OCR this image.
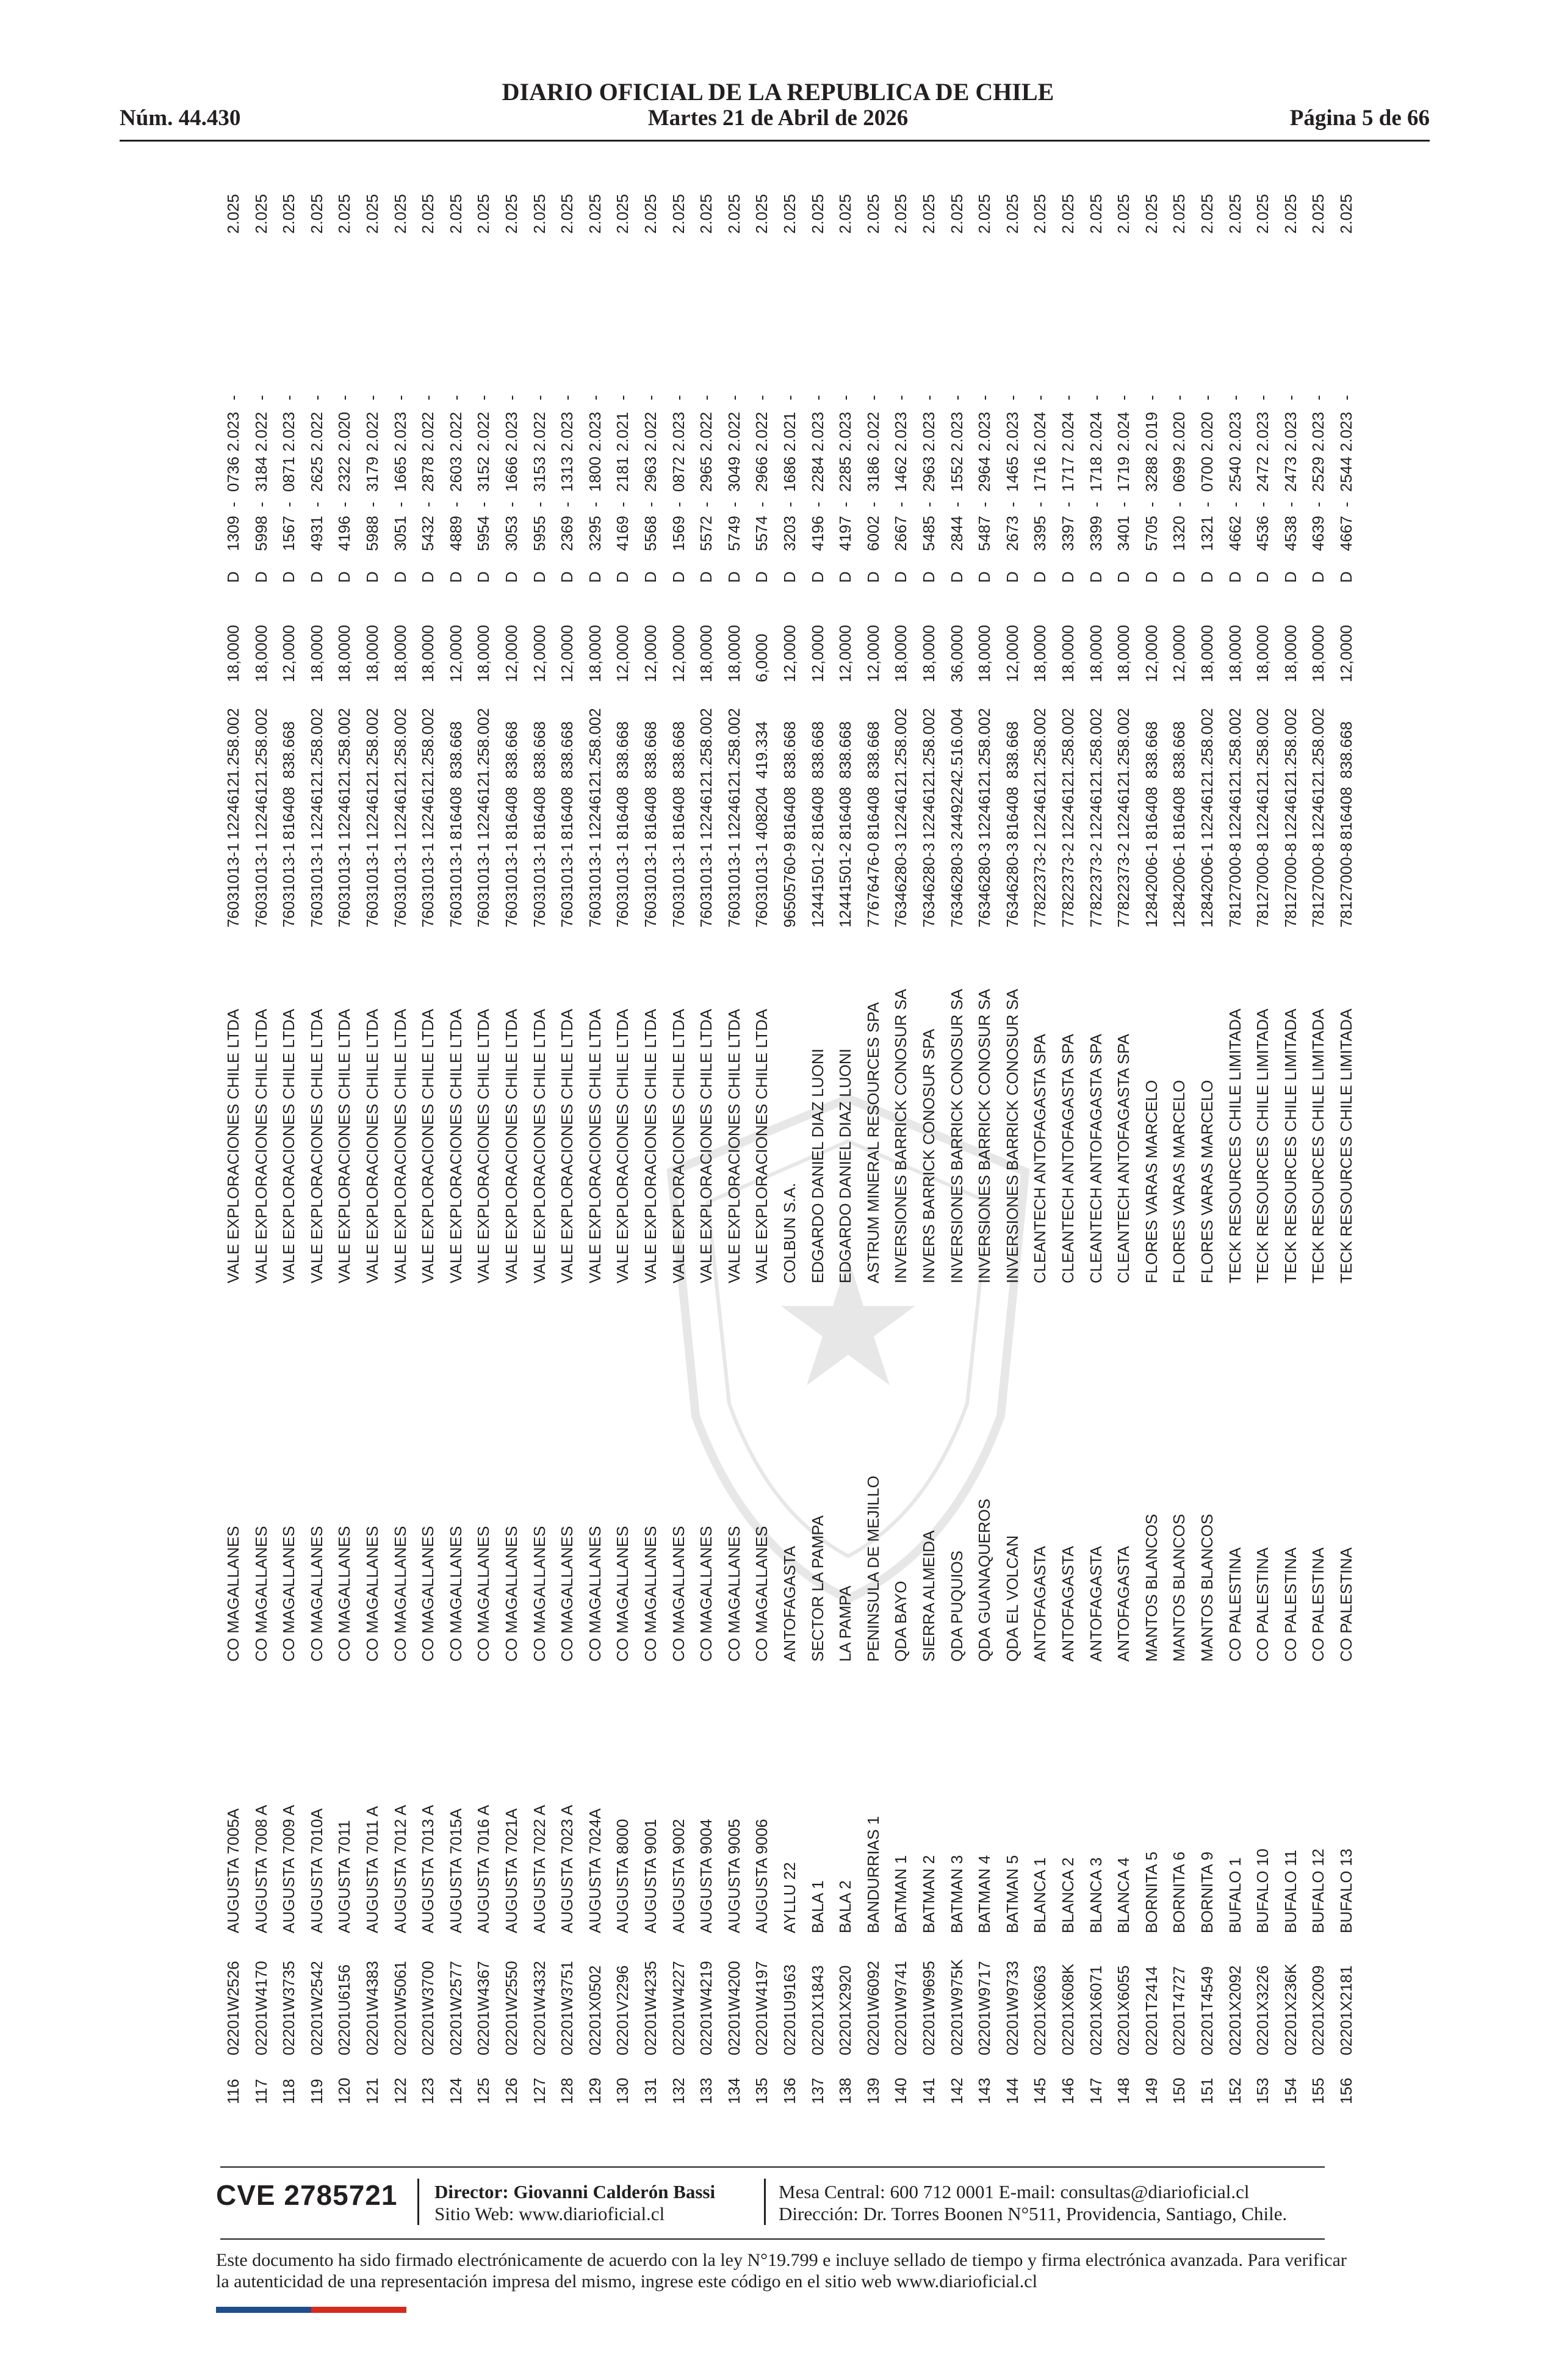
Núm. 44.430
DIARIO OFICIAL DE LA REPUBLICA DE CHILE
Martes 21 de Abril de 2026	Página 5 de 66
116
02201W2526
AUGUSTA 7005A
CO MAGALLANES
VALE EXPLORACIONES CHILE LTDA
76031013-1
1224612
1.258.002
18,0000
D
1309
-
0736
2.023
-
2.025
117
02201W4170
AUGUSTA 7008 A
CO MAGALLANES
VALE EXPLORACIONES CHILE LTDA
76031013-1
1224612
1.258.002
18,0000
D
5998
-
3184
2.022
-
2.025
118
02201W3735
AUGUSTA 7009 A
CO MAGALLANES
VALE EXPLORACIONES CHILE LTDA
76031013-1
816408
838.668
12,0000
D
1567
-
0871
2.023
-
2.025
119
02201W2542
AUGUSTA 7010A
CO MAGALLANES
VALE EXPLORACIONES CHILE LTDA
76031013-1
1224612
1.258.002
18,0000
D
4931
-
2625
2.022
-
2.025
120
02201U6156
AUGUSTA 7011
CO MAGALLANES
VALE EXPLORACIONES CHILE LTDA
76031013-1
1224612
1.258.002
18,0000
D
4196
-
2322
2.020
-
2.025
121
02201W4383
AUGUSTA 7011 A
CO MAGALLANES
VALE EXPLORACIONES CHILE LTDA
76031013-1
1224612
1.258.002
18,0000
D
5988
-
3179
2.022
-
2.025
122
02201W5061
AUGUSTA 7012 A
CO MAGALLANES
VALE EXPLORACIONES CHILE LTDA
76031013-1
1224612
1.258.002
18,0000
D
3051
-
1665
2.023
-
2.025
123
02201W3700
AUGUSTA 7013 A
CO MAGALLANES
VALE EXPLORACIONES CHILE LTDA
76031013-1
1224612
1.258.002
18,0000
D
5432
-
2878
2.022
-
2.025
124
02201W2577
AUGUSTA 7015A
CO MAGALLANES
VALE EXPLORACIONES CHILE LTDA
76031013-1
816408
838.668
12,0000
D
4889
-
2603
2.022
-
2.025
125
02201W4367
AUGUSTA 7016 A
CO MAGALLANES
VALE EXPLORACIONES CHILE LTDA
76031013-1
1224612
1.258.002
18,0000
D
5954
-
3152
2.022
-
2.025
126
02201W2550
AUGUSTA 7021A
CO MAGALLANES
VALE EXPLORACIONES CHILE LTDA
76031013-1
816408
838.668
12,0000
D
3053
-
1666
2.023
-
2.025
127
02201W4332
AUGUSTA 7022 A
CO MAGALLANES
VALE EXPLORACIONES CHILE LTDA
76031013-1
816408
838.668
12,0000
D
5955
-
3153
2.022
-
2.025
128
02201W3751
AUGUSTA 7023 A
CO MAGALLANES
VALE EXPLORACIONES CHILE LTDA
76031013-1
816408
838.668
12,0000
D
2369
-
1313
2.023
-
2.025
129
02201X0502
AUGUSTA 7024A
CO MAGALLANES
VALE EXPLORACIONES CHILE LTDA
76031013-1
1224612
1.258.002
18,0000
D
3295
-
1800
2.023
-
2.025
130
02201V2296
AUGUSTA 8000
CO MAGALLANES
VALE EXPLORACIONES CHILE LTDA
76031013-1
816408
838.668
12,0000
D
4169
-
2181
2.021
-
2.025
131
02201W4235
AUGUSTA 9001
CO MAGALLANES
VALE EXPLORACIONES CHILE LTDA
76031013-1
816408
838.668
12,0000
D
5568
-
2963
2.022
-
2.025
132
02201W4227
AUGUSTA 9002
CO MAGALLANES
VALE EXPLORACIONES CHILE LTDA
76031013-1
816408
838.668
12,0000
D
1569
-
0872
2.023
-
2.025
133
02201W4219
AUGUSTA 9004
CO MAGALLANES
VALE EXPLORACIONES CHILE LTDA
76031013-1
1224612
1.258.002
18,0000
D
5572
-
2965
2.022
-
2.025
134
02201W4200
AUGUSTA 9005
CO MAGALLANES
VALE EXPLORACIONES CHILE LTDA
76031013-1
1224612
1.258.002
18,0000
D
5749
-
3049
2.022
-
2.025
135
02201W4197
AUGUSTA 9006
CO MAGALLANES
VALE EXPLORACIONES CHILE LTDA
76031013-1
408204
419.334
6,0000
D
5574
-
2966
2.022
-
2.025
136
02201U9163
AYLLU 22
ANTOFAGASTA
COLBUN S.A.
96505760-9
816408
838.668
12,0000
D
3203
-
1686
2.021
-
2.025
137
02201X1843
BALA 1
SECTOR LA PAMPA
EDGARDO DANIEL DIAZ LUONI
12441501-2
816408
838.668
12,0000
D
4196
-
2284
2.023
-
2.025
138
02201X2920
BALA 2
LA PAMPA
EDGARDO DANIEL DIAZ LUONI
12441501-2
816408
838.668
12,0000
D
4197
-
2285
2.023
-
2.025
139
02201W6092
BANDURRIAS 1
PENINSULA DE MEJILLO
ASTRUM MINERAL RESOURCES SPA
77676476-0
816408
838.668
12,0000
D
6002
-
3186
2.022
-
2.025
140
02201W9741
BATMAN 1
QDA BAYO
INVERSIONES BARRICK CONOSUR SA
76346280-3
1224612
1.258.002
18,0000
D
2667
-
1462
2.023
-
2.025
141
02201W9695
BATMAN 2
SIERRA ALMEIDA
INVERS BARRICK CONOSUR SPA
76346280-3
1224612
1.258.002
18,0000
D
5485
-
2963
2.023
-
2.025
142
02201W975K
BATMAN 3
QDA PUQUIOS
INVERSIONES BARRICK CONOSUR SA
76346280-3
2449224
2.516.004
36,0000
D
2844
-
1552
2.023
-
2.025
143
02201W9717
BATMAN 4
QDA GUANAQUEROS
INVERSIONES BARRICK CONOSUR SA
76346280-3
1224612
1.258.002
18,0000
D
5487
-
2964
2.023
-
2.025
144
02201W9733
BATMAN 5
QDA EL VOLCAN
INVERSIONES BARRICK CONOSUR SA
76346280-3
816408
838.668
12,0000
D
2673
-
1465
2.023
-
2.025
145
02201X6063
BLANCA 1
ANTOFAGASTA
CLEANTECH ANTOFAGASTA SPA
77822373-2
1224612
1.258.002
18,0000
D
3395
-
1716
2.024
-
2.025
146
02201X608K
BLANCA 2
ANTOFAGASTA
CLEANTECH ANTOFAGASTA SPA
77822373-2
1224612
1.258.002
18,0000
D
3397
-
1717
2.024
-
2.025
147
02201X6071
BLANCA 3
ANTOFAGASTA
CLEANTECH ANTOFAGASTA SPA
77822373-2
1224612
1.258.002
18,0000
D
3399
-
1718
2.024
-
2.025
148
02201X6055
BLANCA 4
ANTOFAGASTA
CLEANTECH ANTOFAGASTA SPA
77822373-2
1224612
1.258.002
18,0000
D
3401
-
1719
2.024
-
2.025
149
02201T2414
BORNITA 5
MANTOS BLANCOS
FLORES VARAS MARCELO
12842006-1
816408
838.668
12,0000
D
5705
-
3288
2.019
-
2.025
150
02201T4727
BORNITA 6
MANTOS BLANCOS
FLORES VARAS MARCELO
12842006-1
816408
838.668
12,0000
D
1320
-
0699
2.020
-
2.025
151
02201T4549
BORNITA 9
MANTOS BLANCOS
FLORES VARAS MARCELO
12842006-1
1224612
1.258.002
18,0000
D
1321
-
0700
2.020
-
2.025
152
02201X2092
BUFALO 1
CO PALESTINA
TECK RESOURCES CHILE LIMITADA
78127000-8
1224612
1.258.002
18,0000
D
4662
-
2540
2.023
-
2.025
153
02201X3226
BUFALO 10
CO PALESTINA
TECK RESOURCES CHILE LIMITADA
78127000-8
1224612
1.258.002
18,0000
D
4536
-
2472
2.023
-
2.025
154
02201X236K
BUFALO 11
CO PALESTINA
TECK RESOURCES CHILE LIMITADA
78127000-8
1224612
1.258.002
18,0000
D
4538
-
2473
2.023
-
2.025
155
02201X2009
BUFALO 12
CO PALESTINA
TECK RESOURCES CHILE LIMITADA
78127000-8
1224612
1.258.002
18,0000
D
4639
-
2529
2.023
-
2.025
156
02201X2181
BUFALO 13
CO PALESTINA
TECK RESOURCES CHILE LIMITADA
78127000-8
816408
838.668
12,0000
D
4667
-
2544
2.023
-
2.025
CVE 2785721 Director: Giovanni Calderón Bassi
Sitio Web: www.diarioficial.cl
Mesa Central: 600 712 0001 E-mail: consultas@diarioficial.cl
Dirección: Dr. Torres Boonen N°511, Providencia, Santiago, Chile.
Este documento ha sido firmado electrónicamente de acuerdo con la ley N°19.799 e incluye sellado de tiempo y firma electrónica avanzada. Para verificar la autenticidad de una representación impresa del mismo, ingrese este código en el sitio web www.diarioficial.cl
